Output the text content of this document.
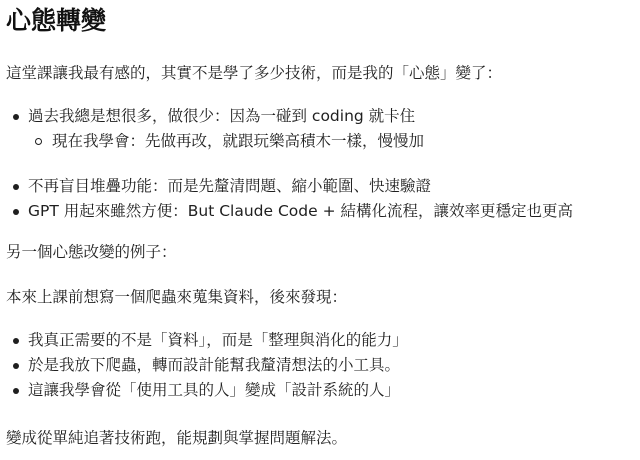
心態轉變

這堂課讓我最有感的，其實不是學了多少技術，而是我的「心態」變了：

過去我總是想很多，做很少：因為一碰到 coding 就卡住
現在我學會：先做再改，就跟玩樂高積木一樣，慢慢加
不再盲目堆疊功能：而是先釐清問題、縮小範圍、快速驗證
GPT 用起來雖然方便：But Claude Code + 結構化流程，讓效率更穩定也更高

另一個心態改變的例子：

本來上課前想寫一個爬蟲來蒐集資料，後來發現：

我真正需要的不是「資料」，而是「整理與消化的能力」
於是我放下爬蟲，轉而設計能幫我釐清想法的小工具。
這讓我學會從「使用工具的人」變成「設計系統的人」

變成從單純追著技術跑，能規劃與掌握問題解法。
